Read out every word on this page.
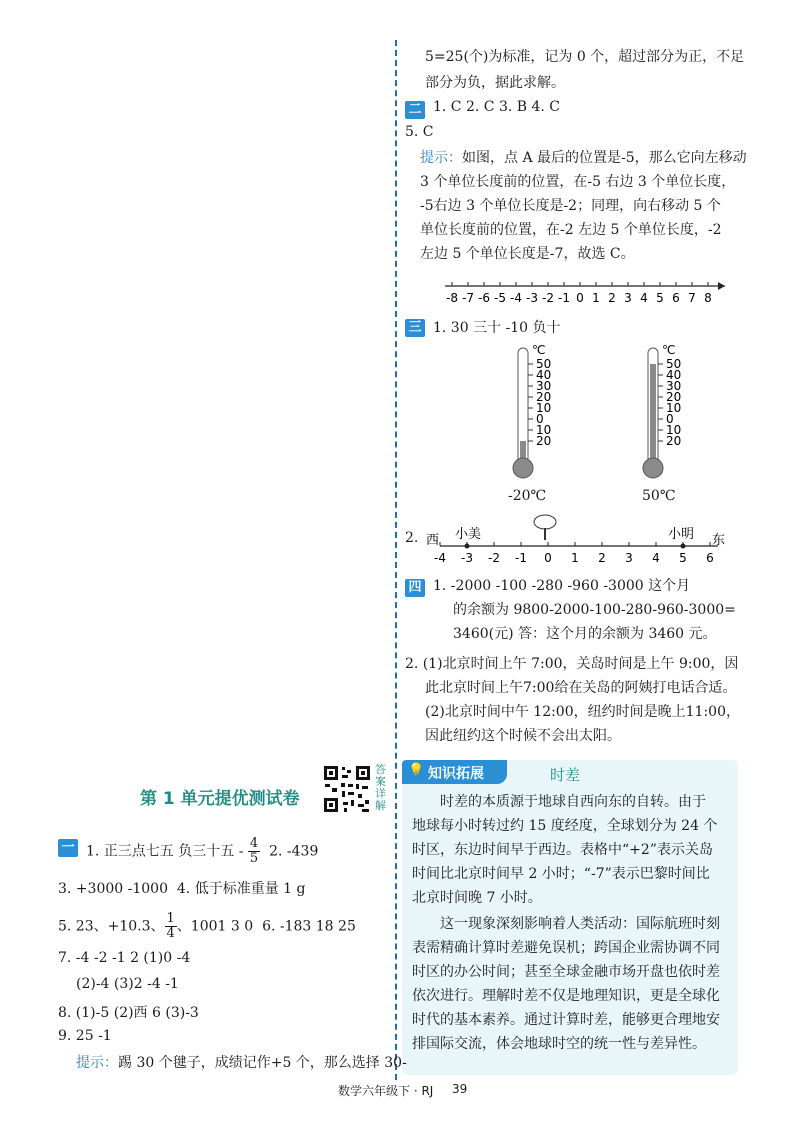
5=25(个)为标准，记为 0 个，超过部分为正，不足
部分为负，据此求解。
二 1. C 2. C 3. B 4. C
5. C
提示：如图，点 A 最后的位置是-5，那么它向左移动
3 个单位长度前的位置，在-5 右边 3 个单位长度，
-5右边 3 个单位长度是-2；同理，向右移动 5 个
单位长度前的位置，在-2 左边 5 个单位长度，-2
左边 5 个单位长度是-7，故选 C。
-8 -7 -6 -5 -4 -3 -2 -1 0 1 2 3 4 5 6 7 8
三 1. 30 三十 -10 负十
℃
50
40
30
20
10
0
10
20
℃
50
40
30
20
10
0
10
20
-20℃	50℃
2. 西	东
小美	小明
-4 -3 -2 -1 0 1 2 3 4 5 6
四 1. -2000 -100 -280 -960 -3000 这个月
的余额为 9800-2000-100-280-960-3000=
3460(元) 答：这个月的余额为 3460 元。
2. (1)北京时间上午 7:00，关岛时间是上午 9:00，因
此北京时间上午7:00给在关岛的阿姨打电话合适。
(2)北京时间中午 12:00，纽约时间是晚上11:00，
因此纽约这个时候不会出太阳。
💡 知识拓展	时差
时差的本质源于地球自西向东的自转。由于
地球每小时转过约 15 度经度，全球划分为 24 个
时区，东边时间早于西边。表格中“+2”表示关岛
时间比北京时间早 2 小时；“-7”表示巴黎时间比
北京时间晚 7 小时。
这一现象深刻影响着人类活动：国际航班时刻
表需精确计算时差避免误机；跨国企业需协调不同
时区的办公时间；甚至全球金融市场开盘也依时差
依次进行。理解时差不仅是地理知识，更是全球化
时代的基本素养。通过计算时差，能够更合理地安
排国际交流，体会地球时空的统一性与差异性。
第 1 单元提优测试卷
答案详解
一 1. 正三点七五 负三十五 - $\frac{4}{5} 2$. -439
3. +3000 -1000 4. 低于标准重量 1 g
5. 23、+10.3、 $\frac{1}{4}$ 、1001 3 0 6. -183 18 25
7. -4 -2 -1 2 (1)0 -4
(2)-4 (3)2 -4 -1
8. (1)-5 (2)西 6 (3)-3
9. 25 -1
提示：踢 30 个毽子，成绩记作+5 个，那么选择 30-
数学六年级下 · RJ 39
